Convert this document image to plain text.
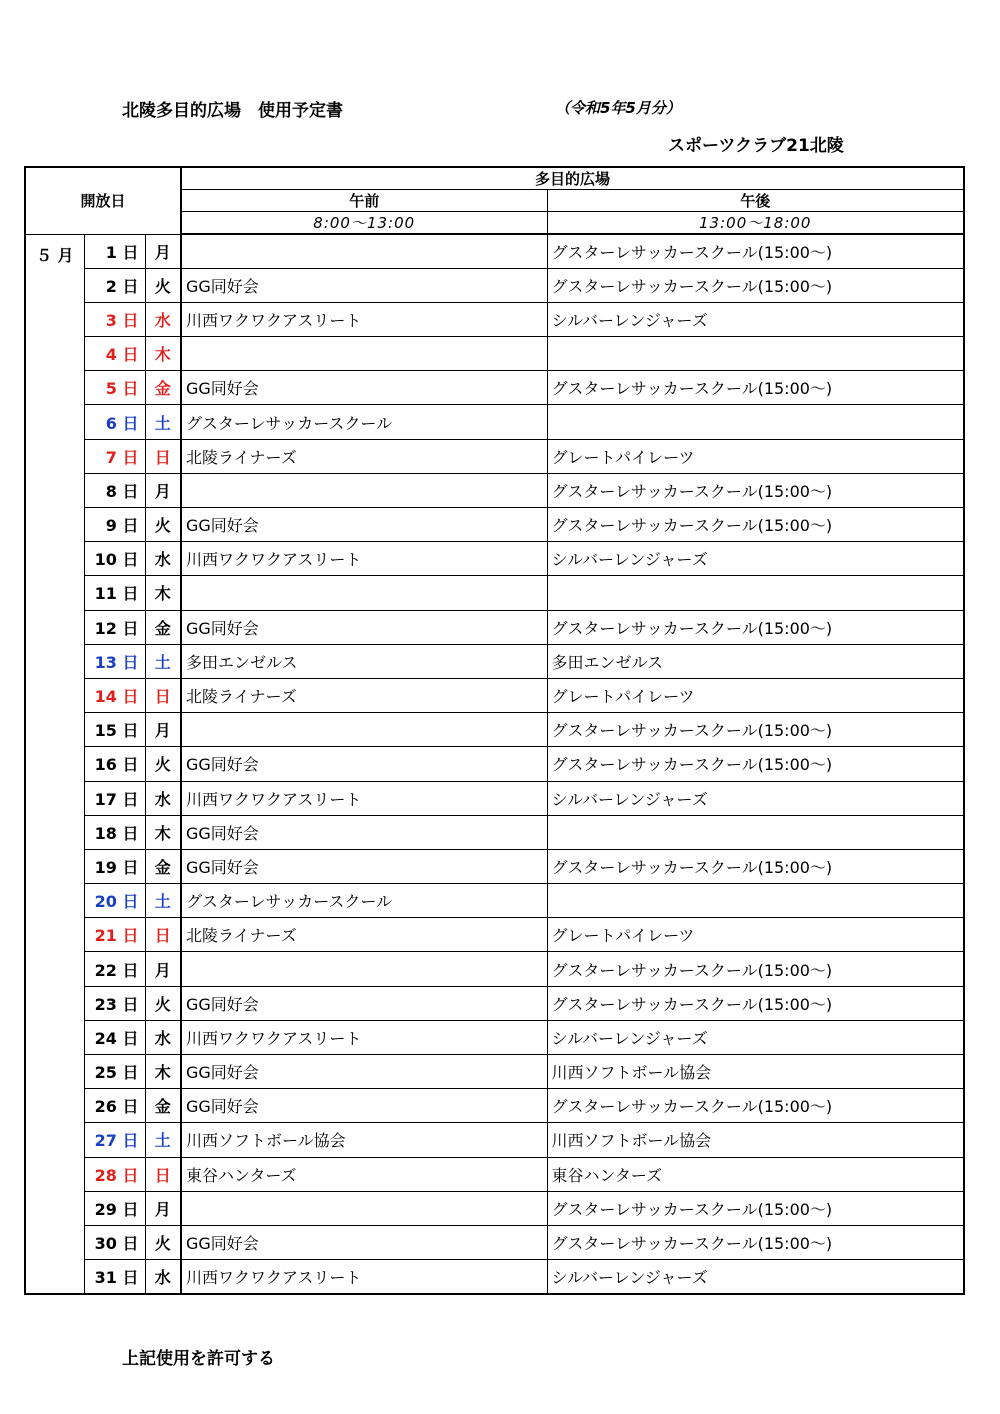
北陵多目的広場　使用予定書	（令和5年5月分）
スポーツクラブ21北陵
開放日			多目的広場	
			午前	午後
			8:00～13:00	13:00～18:00
５ 月	1 日	月		グスターレサッカースクール(15:00～)
	2 日	火	GG同好会	グスターレサッカースクール(15:00～)
	3 日	水	川西ワクワクアスリート	シルバーレンジャーズ
	4 日	木		
	5 日	金	GG同好会	グスターレサッカースクール(15:00～)
	6 日	土	グスターレサッカースクール	
	7 日	日	北陵ライナーズ	グレートパイレーツ
	8 日	月		グスターレサッカースクール(15:00～)
	9 日	火	GG同好会	グスターレサッカースクール(15:00～)
	10 日	水	川西ワクワクアスリート	シルバーレンジャーズ
	11 日	木		
	12 日	金	GG同好会	グスターレサッカースクール(15:00～)
	13 日	土	多田エンゼルス	多田エンゼルス
	14 日	日	北陵ライナーズ	グレートパイレーツ
	15 日	月		グスターレサッカースクール(15:00～)
	16 日	火	GG同好会	グスターレサッカースクール(15:00～)
	17 日	水	川西ワクワクアスリート	シルバーレンジャーズ
	18 日	木	GG同好会	
	19 日	金	GG同好会	グスターレサッカースクール(15:00～)
	20 日	土	グスターレサッカースクール	
	21 日	日	北陵ライナーズ	グレートパイレーツ
	22 日	月		グスターレサッカースクール(15:00～)
	23 日	火	GG同好会	グスターレサッカースクール(15:00～)
	24 日	水	川西ワクワクアスリート	シルバーレンジャーズ
	25 日	木	GG同好会	川西ソフトボール協会
	26 日	金	GG同好会	グスターレサッカースクール(15:00～)
	27 日	土	川西ソフトボール協会	川西ソフトボール協会
	28 日	日	東谷ハンターズ	東谷ハンターズ
	29 日	月		グスターレサッカースクール(15:00～)
	30 日	火	GG同好会	グスターレサッカースクール(15:00～)
	31 日	水	川西ワクワクアスリート	シルバーレンジャーズ
上記使用を許可する
